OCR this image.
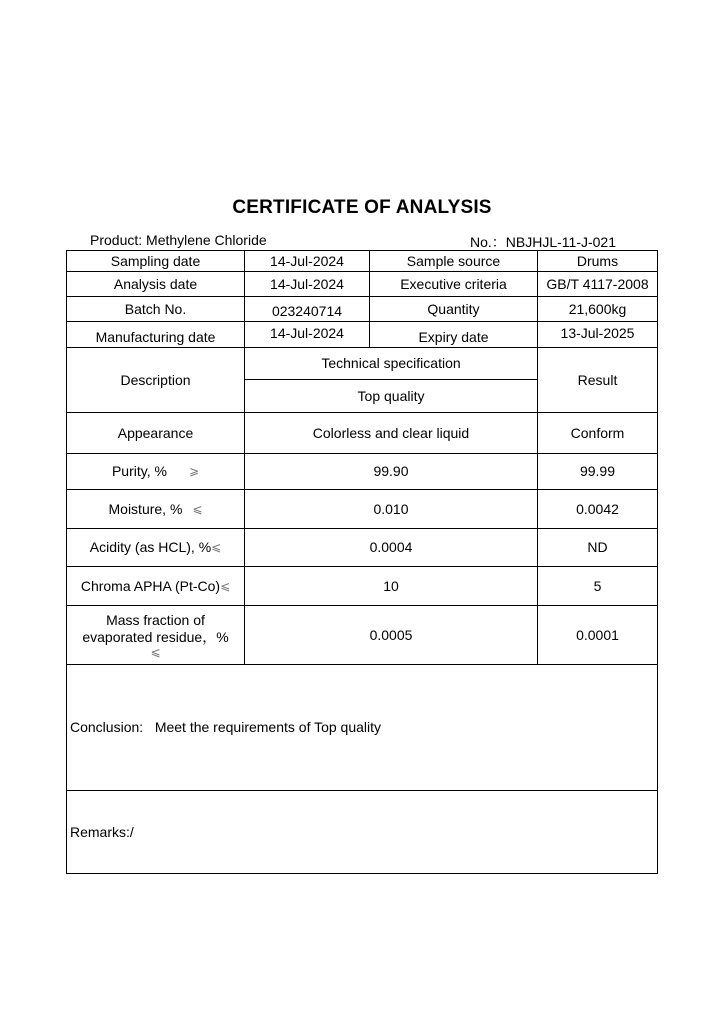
CERTIFICATE OF ANALYSIS
Product: Methylene Chloride	No.：NBJHJL-11-J-021
Sampling date	14-Jul-2024	Sample source	Drums
Analysis date	14-Jul-2024	Executive criteria	GB/T 4117-2008
Batch No.	023240714	Quantity	21,600kg
Manufacturing date	14-Jul-2024	Expiry date	13-Jul-2025
Description
Technical specification
Top quality
Result
Appearance	Colorless and clear liquid	Conform
Purity, % ⩾	99.90	99.99
Moisture, % ⩽	0.010	0.0042
Acidity (as HCL), % ⩽	0.0004	ND
Chroma APHA (Pt-Co) ⩽	10	5
Mass fraction of
evaporated residue，%
⩽
0.0005	0.0001
Conclusion:   Meet the requirements of Top quality
Remarks:/
